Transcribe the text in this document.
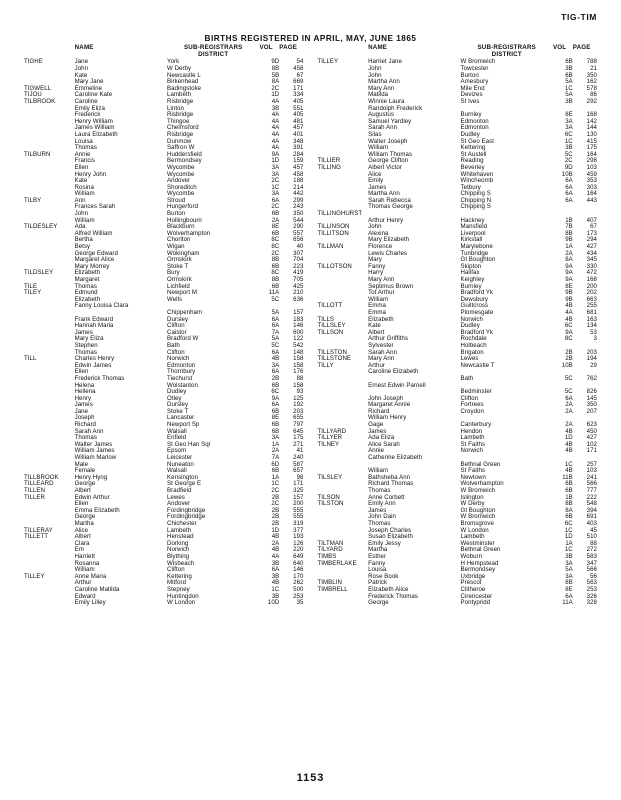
TIG-TIM
BIRTHS REGISTERED IN APRIL, MAY, JUNE 1865
	NAME	SUB-REGISTRARS	VOL	PAGE
		DISTRICT		
TIGHE	Jane	York	9D	54
	John	W Derby	8B	458
	Kate	Newcastle L	5B	67
	Mary Jane	Birkenhead	8A	669
TIGWELL	Emmeline	Badingstoke	2C	171
TIJOU	Caroline Kate	Lambeth	1D	334
TILBROOK	Caroline	Risbridge	4A	405
	Emily Eliza	Linton	3B	551
	Frederick	Risbridge	4A	405
	Henry William	Thingoe	4A	481
	James William	Chelmsford	4A	457
	Laura Elizabeth	Risbridge	4A	401
	Louisa	Dunmow	4A	348
	Thomas	Saffron W	4A	391
TILBURN	Annie	Huddersfield	9A	284
	Francis	Bermondsey	1D	159
	Ellen	Wycombe	3A	457
	Henry John	Wycombe	3A	458
	Kate	Andover	2C	188
	Rosina	Shoreditch	1C	214
	William	Wycombe	3A	442
TILBY	Ann	Stroud	6A	299
	Frances Sarah	Hungerford	2C	243
	John	Burton	6B	350
	William	Hollingbourn	2A	544
TILDESLEY	Ada	Blackburn	8E	290
	Alfred William	Wolverhampton	6B	557
	Bertha	Chorlton	8C	656
	Betsy	Wigan	8C	40
	George Edward	Wokingham	2C	307
	Margaret Alice	Ormskirk	8B	704
	Mary Morrey	Stoke T	6B	223
TILDSLEY	Elizabeth	Bury	8C	419
	Margaret	Ormskirk	8B	705
TILE	Thomas	Lichfield	6B	425
TILEY	Edmund	Newport M	11A	210
	Elizabeth	Wells	5C	636
	Fanny Louisa Clara			
		Chippenham	5A	157
	Frank Edward	Dursley	6A	183
	Hannah Maria	Clifton	6A	146
	James	Caistor	7A	600
	Mary Eliza	Bradford W	5A	122
	Stephen	Bath	5C	542
	Thomas	Clifton	6A	148
TILL	Charles Henry	Norwich	4B	158
	Edwin James	Edmonton	3A	158
	Ellen	Thornbury	6A	176
	Frederick Thomas	Tiechurst	2B	88
	Helena	Wolstanton	6B	158
	Hellena	Dudley	6C	93
	Henry	Otley	9A	125
	James	Dursley	6A	192
	Jane	Stoke T	6B	203
	Joseph	Lancaster	8E	655
	Richard	Newport Sp	6B	797
	Sarah Ann	Walsall	6B	645
	Thomas	Enfield	3A	175
	Walter James	St Geo Han Sqr	1A	271
	William James	Epsom	2A	41
	William Marlow	Leicester	7A	240
	Male	Nuneaton	6D	587
	Female	Walsall	6B	657
TILLBROOK	Henry Hyng	Kensington	1A	98
TILLEARD	George	St George E	1C	171
TILLEN	Albert	Bradfield	2C	325
TILLER	Edwin Arthur	Lewes	2B	157
	Ellen	Andover	2C	200
	Emma Elizabeth	Fordingbridge	2B	555
	George	Fordingbridge	2B	555
	Martha	Chichester	2B	319
TILLERAY	Alice	Lambeth	1D	377
TILLETT	Albert	Henstead	4B	193
	Clara	Dorking	2A	126
	Em	Norwich	4B	220
	Harriett	Blything	4A	649
	Rosanna	Wisbeach	3B	640
	William	Clifton	6A	146
TILLEY	Anne Maria	Kettering	3B	170
	Arthur	Mitford	4B	262
	Caroline Matilda	Stepney	1C	500
	Edward	Huntingdon	3B	253
	Emily Lilley	W London	10D	35
	NAME	SUB-REGISTRARS	VOL	PAGE
		DISTRICT		
TILLEY	Harriet Jane	W Bromwich	6B	788
	John	Towcester	3B	21
	John	Burton	6B	350
	Martha Ann	Amesbury	5A	162
	Mary Ann	Mile End	1C	578
	Matilda	Devizes	5A	86
	Winnie Laura	St Ives	3B	292
	Randolph Frederick			
	Augustus	Burnley	8E	168
	Samuel Yardley	Edmonton	3A	142
	Sarah Ann	Edmonton	3A	144
	Silas	Dudley	6C	130
	Walter Joseph	St Geo East	1C	415
	William	Kettering	3B	175
	William Thomas	St Austell	5C	164
TILLIER	George Clifton	Reading	2C	298
TILLING	Albert Victor	Beverley	9D	103
	Alice	Whitehaven	10B	459
	Emily	Wincheomb	6A	353
	James	Tetbury	6A	303
	Martha Ann	Chipping S	6A	164
	Sarah Rebecca	Chipping N	6A	443
	Thomas George	Chipping S		
TILLINGHURST				
	Arthur Henry	Hackney	1B	407
TILLINSON	John	Mansfield	7B	67
TILLITSON	Alexina	Liverpool	8B	173
	Mary Elizabeth	Kirkstall	9B	294
TILLMAN	Florence	Marylebone	1A	427
	Lewis Charles	Tunbridge	2A	434
	Mary	Gt Boughton	8A	345
TILLOTSON	Fanny	Skipton	9A	330
	Harry	Halifax	9A	472
	Mary Ann	Keighley	9A	168
	Septimus Brown	Burnley	8E	200
	Tot Arthur	Bradford Yk	9B	202
	William	Dewsbury	9B	663
TILLOTT	Emma	Guiltcross	4B	255
	Emma	Plomesgate	4A	681
TILLS	Elizabeth	Norwich	4B	163
TILLSLEY	Kate	Dudley	6C	134
TILLSON	Albert	Bradford Yk	9A	53
	Arthur Griffiths	Rochdale	8C	3
	Sylvester	Holbeach		
TILLSTON	Sarah Ann	Brigaton	2B	203
TILLSTONE	Mary Ann	Lewes	2B	194
TILLY	Arthur	Newcastle T	10B	29
	Caroline Elizabeth			
		Bath	5C	762
	Ernest Edwin Parnell			
		Bedminster	5C	826
	John Joseph	Clifton	6A	145
	Margaret Annie	Fortrees	2A	350
	Richard	Croydon	2A	207
	William Henry			
	Gage	Canterbury	2A	623
TILLYARD	James	Hendon	4B	450
TILLYER	Ada Eliza	Lambeth	1D	427
TILNEY	Alice Sarah	St Faiths	4B	102
	Annie	Norwich	4B	171
	Catherine Elizabeth			
		Bethnal Green	1C	257
	William	St Faiths	4B	103
TILSLEY	Bathsheba Ann	Newtown	11B	241
	Richard Thomas	Wolverhampton	6B	566
	Thomas	W Bromwich	6B	777
TILSON	Anne Corbett	Islington	1B	222
TILSTON	Emily Ann	W Derby	8B	548
	James	Gt Boughton	8A	394
	John Dain	W Bromwich	6B	691
	Thomas	Bromsgrove	6C	403
	Joseph Charles	W London	1C	45
	Susan Elizabeth	Lambeth	1D	510
TILTMAN	Emily Jessy	Westminster	1A	88
TILYARD	Martha	Bethnal Green	1C	272
TIMBS	Esther	Woburn	3B	583
TIMBERLAKE	Fanny	H Hempstead	3A	347
	Louisa	Bermondsey	5A	566
	Rose Book	Uxbridge	3A	56
TIMBLIN	Patrick	Prescot	8B	563
TIMBRELL	Elizabeth Alice	Clitheroe	8E	253
	Frederick Thomas	Cirencester	6A	326
	George	Pontypridd	11A	328
1153
